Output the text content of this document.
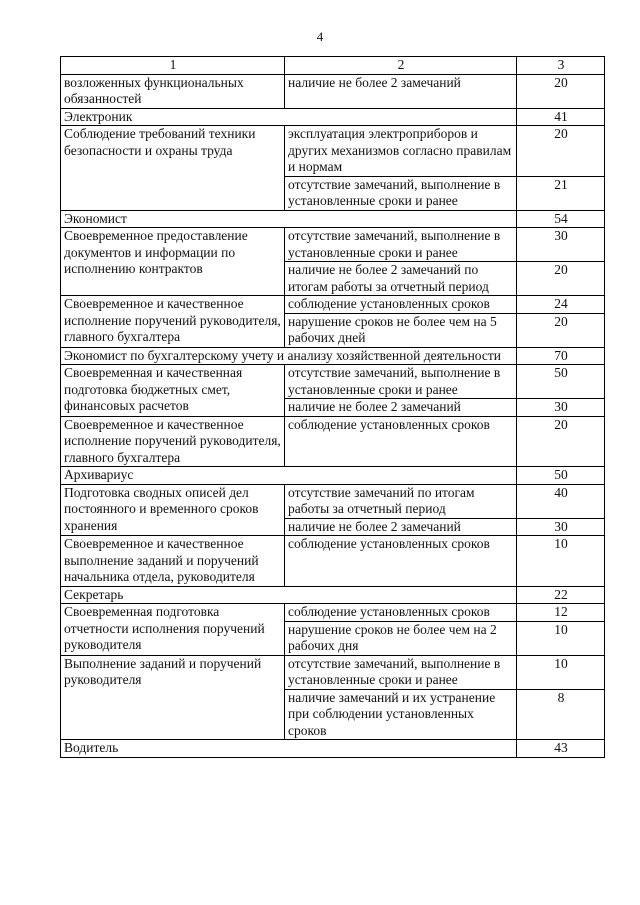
4
1	2	3
возложенных функциональных обязанностей	наличие не более 2 замечаний	20
Электроник		41
Соблюдение требований техники безопасности и охраны труда	эксплуатация электроприборов и других механизмов согласно правилам и нормам	20
	отсутствие замечаний, выполнение в установленные сроки и ранее	21
Экономист		54
Своевременное предоставление документов и информации по исполнению контрактов	отсутствие замечаний, выполнение в установленные сроки и ранее	30
	наличие не более 2 замечаний по итогам работы за отчетный период	20
Своевременное и качественное исполнение поручений руководителя, главного бухгалтера	соблюдение установленных сроков	24
	нарушение сроков не более чем на 5 рабочих дней	20
Экономист по бухгалтерскому учету и анализу хозяйственной деятельности		70
Своевременная и качественная подготовка бюджетных смет, финансовых расчетов	отсутствие замечаний, выполнение в установленные сроки и ранее	50
	наличие не более 2 замечаний	30
Своевременное и качественное исполнение поручений руководителя, главного бухгалтера	соблюдение установленных сроков	20
Архивариус		50
Подготовка сводных описей дел постоянного и временного сроков хранения	отсутствие замечаний по итогам работы за отчетный период	40
	наличие не более 2 замечаний	30
Своевременное и качественное выполнение заданий и поручений начальника отдела, руководителя	соблюдение установленных сроков	10
Секретарь		22
Своевременная подготовка отчетности исполнения поручений руководителя	соблюдение установленных сроков	12
	нарушение сроков не более чем на 2 рабочих дня	10
Выполнение заданий и поручений руководителя	отсутствие замечаний, выполнение в установленные сроки и ранее	10
	наличие замечаний и их устранение при соблюдении установленных сроков	8
Водитель		43
